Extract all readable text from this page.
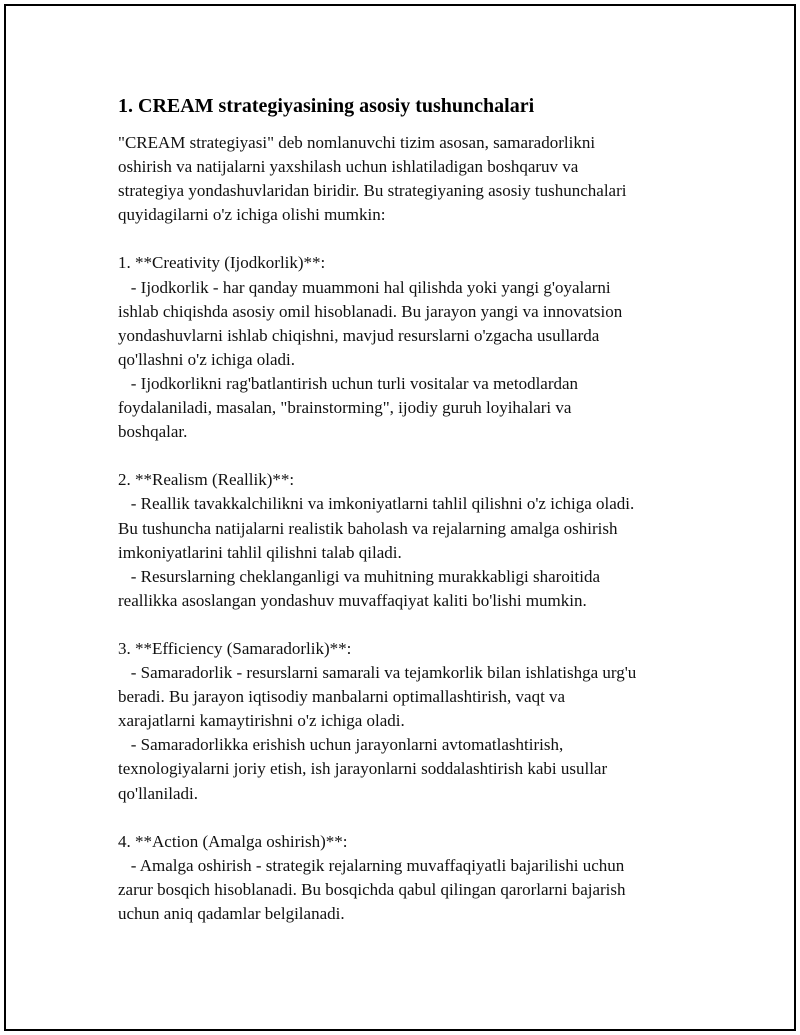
1. CREAM strategiyasining asosiy tushunchalari
"CREAM strategiyasi" deb nomlanuvchi tizim asosan, samaradorlikni
oshirish va natijalarni yaxshilash uchun ishlatiladigan boshqaruv va
strategiya yondashuvlaridan biridir. Bu strategiyaning asosiy tushunchalari
quyidagilarni o'z ichiga olishi mumkin:

1. **Creativity (Ijodkorlik)**:
- Ijodkorlik - har qanday muammoni hal qilishda yoki yangi g'oyalarni
ishlab chiqishda asosiy omil hisoblanadi. Bu jarayon yangi va innovatsion
yondashuvlarni ishlab chiqishni, mavjud resurslarni o'zgacha usullarda
qo'llashni o'z ichiga oladi.
- Ijodkorlikni rag'batlantirish uchun turli vositalar va metodlardan
foydalaniladi, masalan, "brainstorming", ijodiy guruh loyihalari va
boshqalar.

2. **Realism (Reallik)**:
- Reallik tavakkalchilikni va imkoniyatlarni tahlil qilishni o'z ichiga oladi.
Bu tushuncha natijalarni realistik baholash va rejalarning amalga oshirish
imkoniyatlarini tahlil qilishni talab qiladi.
- Resurslarning cheklanganligi va muhitning murakkabligi sharoitida
reallikka asoslangan yondashuv muvaffaqiyat kaliti bo'lishi mumkin.

3. **Efficiency (Samaradorlik)**:
- Samaradorlik - resurslarni samarali va tejamkorlik bilan ishlatishga urg'u
beradi. Bu jarayon iqtisodiy manbalarni optimallashtirish, vaqt va
xarajatlarni kamaytirishni o'z ichiga oladi.
- Samaradorlikka erishish uchun jarayonlarni avtomatlashtirish,
texnologiyalarni joriy etish, ish jarayonlarni soddalashtirish kabi usullar
qo'llaniladi.

4. **Action (Amalga oshirish)**:
- Amalga oshirish - strategik rejalarning muvaffaqiyatli bajarilishi uchun
zarur bosqich hisoblanadi. Bu bosqichda qabul qilingan qarorlarni bajarish
uchun aniq qadamlar belgilanadi.
